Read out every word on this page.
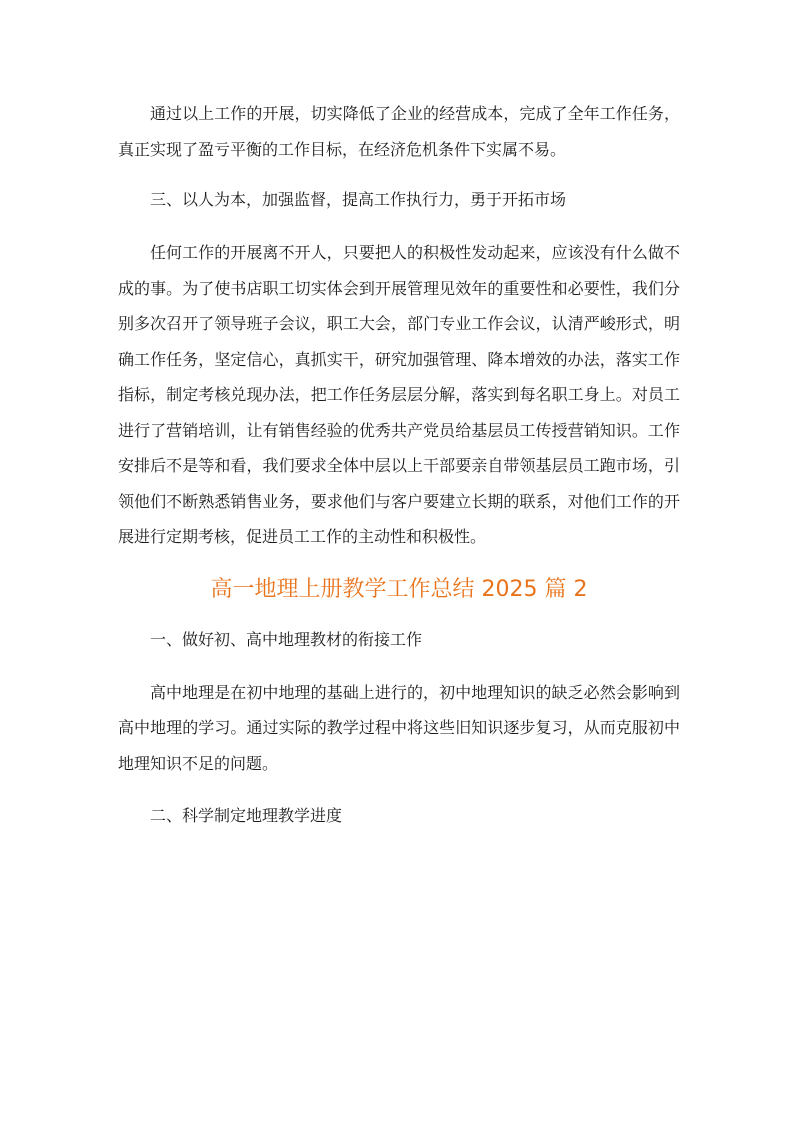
通过以上工作的开展，切实降低了企业的经营成本，完成了全年工作任务，真正实现了盈亏平衡的工作目标，在经济危机条件下实属不易。

三、以人为本，加强监督，提高工作执行力，勇于开拓市场

任何工作的开展离不开人，只要把人的积极性发动起来，应该没有什么做不成的事。为了使书店职工切实体会到开展管理见效年的重要性和必要性，我们分别多次召开了领导班子会议，职工大会，部门专业工作会议，认清严峻形式，明确工作任务，坚定信心，真抓实干，研究加强管理、降本增效的办法，落实工作指标，制定考核兑现办法，把工作任务层层分解，落实到每名职工身上。对员工进行了营销培训，让有销售经验的优秀共产党员给基层员工传授营销知识。工作安排后不是等和看，我们要求全体中层以上干部要亲自带领基层员工跑市场，引领他们不断熟悉销售业务，要求他们与客户要建立长期的联系，对他们工作的开展进行定期考核，促进员工工作的主动性和积极性。

高一地理上册教学工作总结 2025 篇 2

一、做好初、高中地理教材的衔接工作

高中地理是在初中地理的基础上进行的，初中地理知识的缺乏必然会影响到高中地理的学习。通过实际的教学过程中将这些旧知识逐步复习，从而克服初中地理知识不足的问题。

二、科学制定地理教学进度
